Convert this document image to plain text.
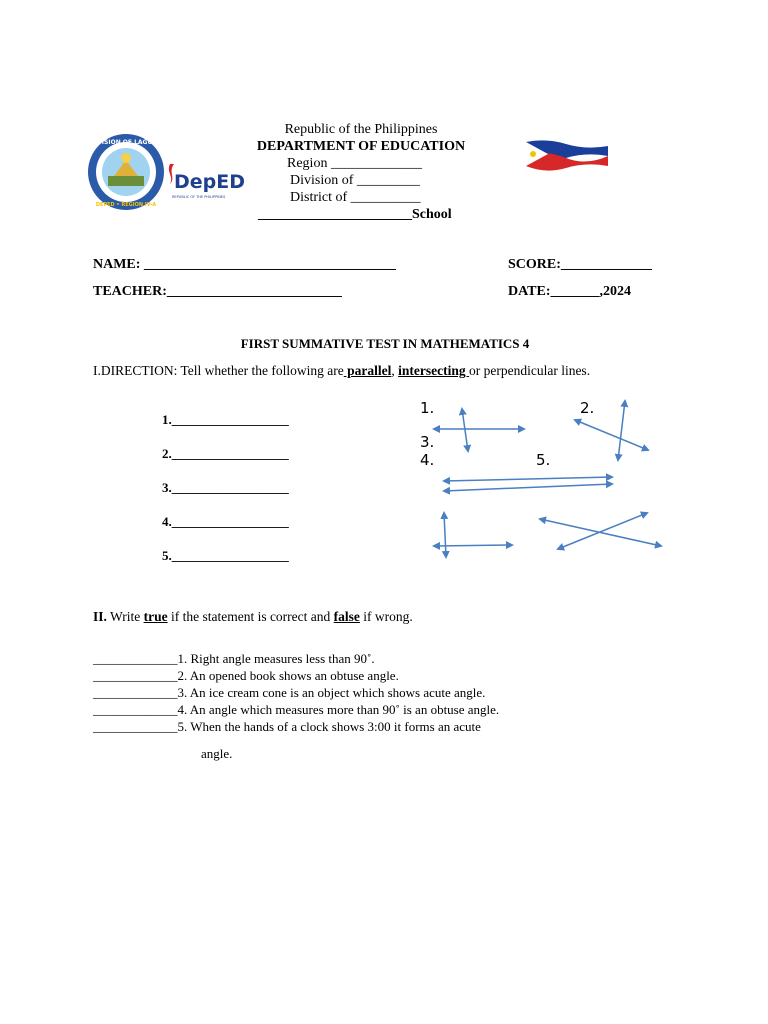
DIVISION OF LAGUNA
DEPED • REGION IV-A
DepED
REPUBLIC OF THE PHILIPPINES
Republic of the Philippines
DEPARTMENT OF EDUCATION
Region _____________
Division of _________
District of __________
______________________School
NAME: ____________________________________	SCORE:_____________
TEACHER:_________________________	DATE:_______,2024
FIRST SUMMATIVE TEST IN MATHEMATICS 4
I.DIRECTION: Tell whether the following are parallel, intersecting or perpendicular lines.
1.__________________
2.__________________
3.__________________
4.__________________
5.__________________
1.	2.
3.
4.	5.
II. Write true if the statement is correct and false if wrong.
_____________1. Right angle measures less than 90˚.
_____________2. An opened book shows an obtuse angle.
_____________3. An ice cream cone is an object which shows acute angle.
_____________4. An angle which measures more than 90˚ is an obtuse angle.
_____________5. When the hands of a clock shows 3:00 it forms an acute
angle.
